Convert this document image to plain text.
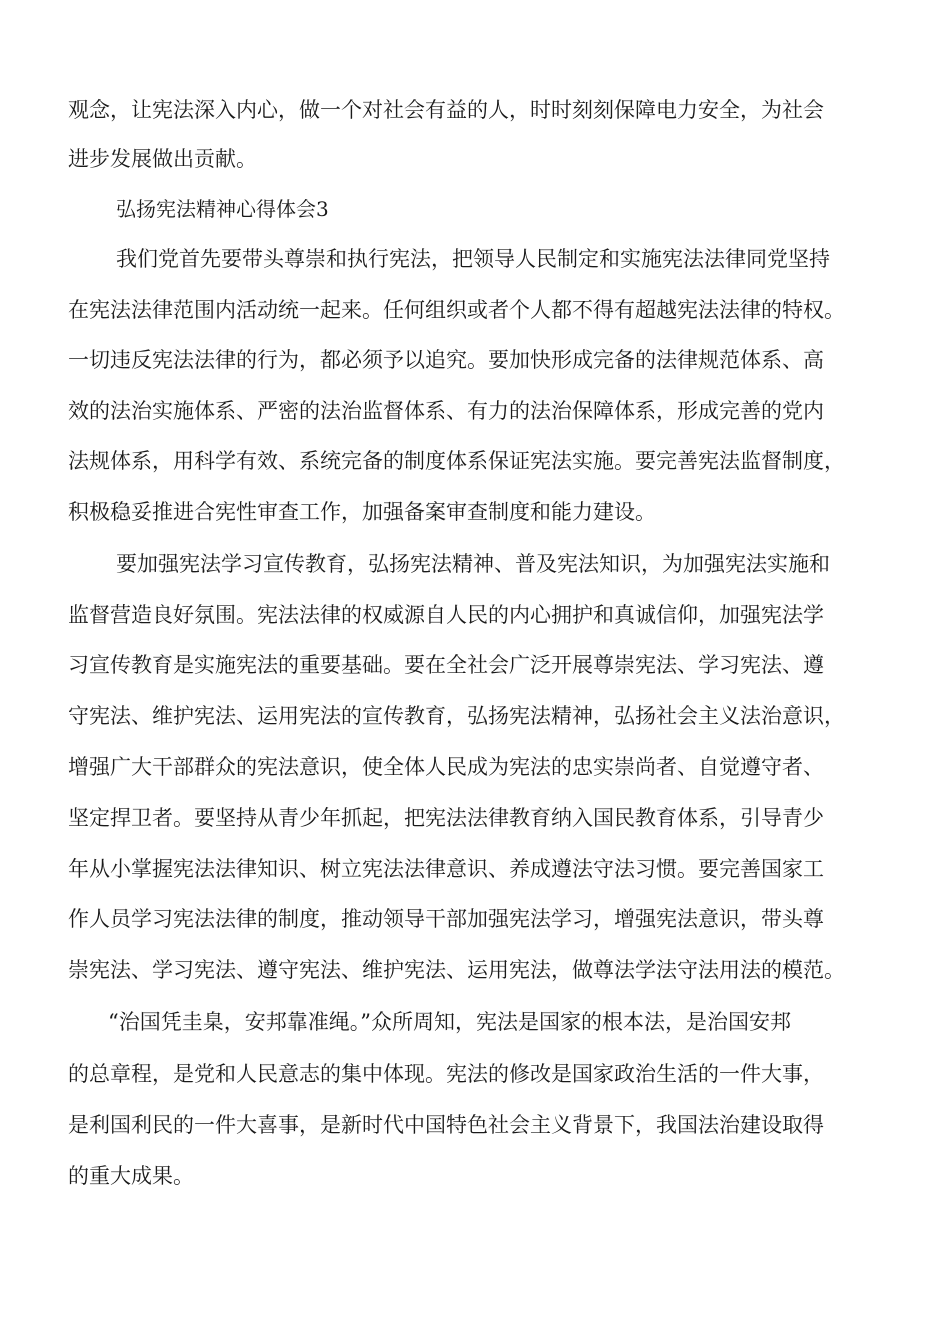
观念，让宪法深入内心，做一个对社会有益的人，时时刻刻保障电力安全，为社会
进步发展做出贡献。
弘扬宪法精神心得体会3
我们党首先要带头尊崇和执行宪法，把领导人民制定和实施宪法法律同党坚持
在宪法法律范围内活动统一起来。任何组织或者个人都不得有超越宪法法律的特权。
一切违反宪法法律的行为，都必须予以追究。要加快形成完备的法律规范体系、高
效的法治实施体系、严密的法治监督体系、有力的法治保障体系，形成完善的党内
法规体系，用科学有效、系统完备的制度体系保证宪法实施。要完善宪法监督制度，
积极稳妥推进合宪性审查工作，加强备案审查制度和能力建设。
要加强宪法学习宣传教育，弘扬宪法精神、普及宪法知识，为加强宪法实施和
监督营造良好氛围。宪法法律的权威源自人民的内心拥护和真诚信仰，加强宪法学
习宣传教育是实施宪法的重要基础。要在全社会广泛开展尊崇宪法、学习宪法、遵
守宪法、维护宪法、运用宪法的宣传教育，弘扬宪法精神，弘扬社会主义法治意识，
增强广大干部群众的宪法意识，使全体人民成为宪法的忠实崇尚者、自觉遵守者、
坚定捍卫者。要坚持从青少年抓起，把宪法法律教育纳入国民教育体系，引导青少
年从小掌握宪法法律知识、树立宪法法律意识、养成遵法守法习惯。要完善国家工
作人员学习宪法法律的制度，推动领导干部加强宪法学习，增强宪法意识，带头尊
崇宪法、学习宪法、遵守宪法、维护宪法、运用宪法，做尊法学法守法用法的模范。
“治国凭圭臬，安邦靠准绳。”众所周知，宪法是国家的根本法，是治国安邦
的总章程，是党和人民意志的集中体现。宪法的修改是国家政治生活的一件大事，
是利国利民的一件大喜事，是新时代中国特色社会主义背景下，我国法治建设取得
的重大成果。
